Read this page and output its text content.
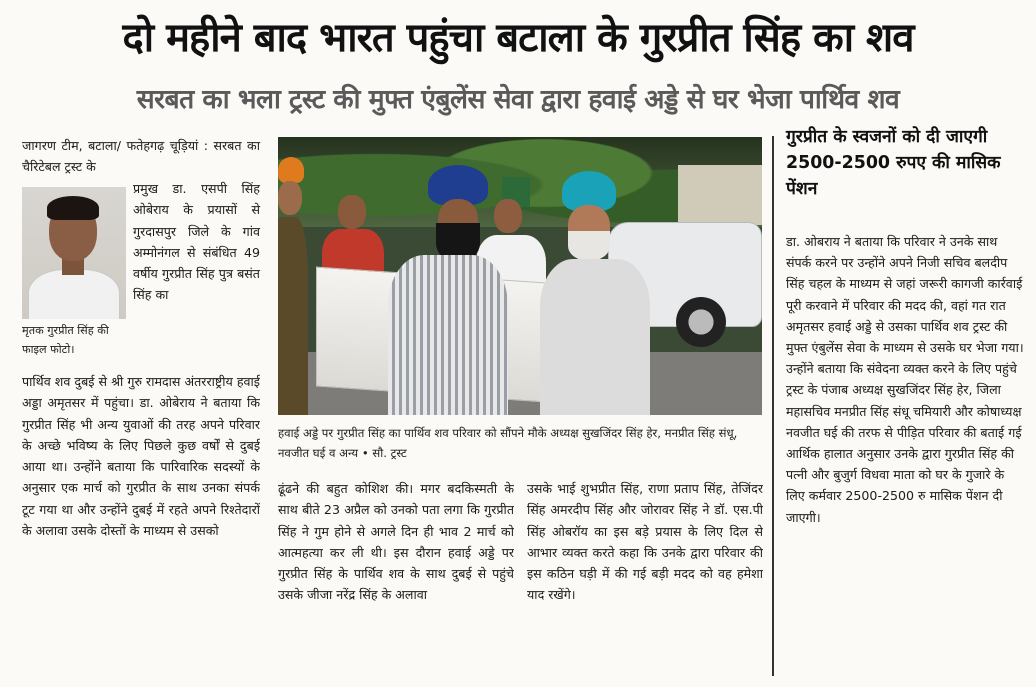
दो महीने बाद भारत पहुंचा बटाला के गुरप्रीत सिंह का शव
सरबत का भला ट्रस्ट की मुफ्त एंबुलेंस सेवा द्वारा हवाई अड्डे से घर भेजा पार्थिव शव
जागरण टीम, बटाला/ फतेहगढ़ चूड़ियां : सरबत का चैरिटेबल ट्रस्ट के
मृतक गुरप्रीत सिंह की फाइल फोटो।
प्रमुख डा. एसपी सिंह ओबेराय के प्रयासों से गुरदासपुर जिले के गांव अम्मोनंगल से संबंधित 49 वर्षीय गुरप्रीत सिंह पुत्र बसंत सिंह का
पार्थिव शव दुबई से श्री गुरु रामदास अंतरराष्ट्रीय हवाई अड्डा अमृतसर में पहुंचा। डा. ओबेराय ने बताया कि गुरप्रीत सिंह भी अन्य युवाओं की तरह अपने परिवार के अच्छे भविष्य के लिए पिछले कुछ वर्षों से दुबई आया था। उन्होंने बताया कि पारिवारिक सदस्यों के अनुसार एक मार्च को गुरप्रीत के साथ उनका संपर्क टूट गया था और उन्होंने दुबई में रहते अपने रिश्तेदारों के अलावा उसके दोस्तों के माध्यम से उसको
हवाई अड्डे पर गुरप्रीत सिंह का पार्थिव शव परिवार को सौंपने मौके अध्यक्ष सुखजिंदर सिंह हेर, मनप्रीत सिंह संधू, नवजीत घई व अन्य • सौ. ट्रस्ट
ढूंढने की बहुत कोशिश की। मगर बदकिस्मती के साथ बीते 23 अप्रैल को उनको पता लगा कि गुरप्रीत सिंह ने गुम होने से अगले दिन ही भाव 2 मार्च को आत्महत्या कर ली थी। इस दौरान हवाई अड्डे पर गुरप्रीत सिंह के पार्थिव शव के साथ दुबई से पहुंचे उसके जीजा नरेंद्र सिंह के अलावा
उसके भाई शुभप्रीत सिंह, राणा प्रताप सिंह, तेजिंदर सिंह अमरदीप सिंह और जोरावर सिंह ने डॉ. एस.पी सिंह ओबरॉय का इस बड़े प्रयास के लिए दिल से आभार व्यक्त करते कहा कि उनके द्वारा परिवार की इस कठिन घड़ी में की गई बड़ी मदद को वह हमेशा याद रखेंगे।
गुरप्रीत के स्वजनों को दी जाएगी 2500-2500 रुपए की मासिक पेंशन
डा. ओबराय ने बताया कि परिवार ने उनके साथ संपर्क करने पर उन्होंने अपने निजी सचिव बलदीप सिंह चहल के माध्यम से जहां जरूरी कागजी कार्रवाई पूरी करवाने में परिवार की मदद की, वहां गत रात अमृतसर हवाई अड्डे से उसका पार्थिव शव ट्रस्ट की मुफ्त एंबुलेंस सेवा के माध्यम से उसके घर भेजा गया। उन्होंने बताया कि संवेदना व्यक्त करने के लिए पहुंचे ट्रस्ट के पंजाब अध्यक्ष सुखजिंदर सिंह हेर, जिला महासचिव मनप्रीत सिंह संधू चमियारी और कोषाध्यक्ष नवजीत घई की तरफ से पीड़ित परिवार की बताई गई आर्थिक हालात अनुसार उनके द्वारा गुरप्रीत सिंह की पत्नी और बुजुर्ग विधवा माता को घर के गुजारे के लिए कर्मवार 2500-2500 रु मासिक पेंशन दी जाएगी।
